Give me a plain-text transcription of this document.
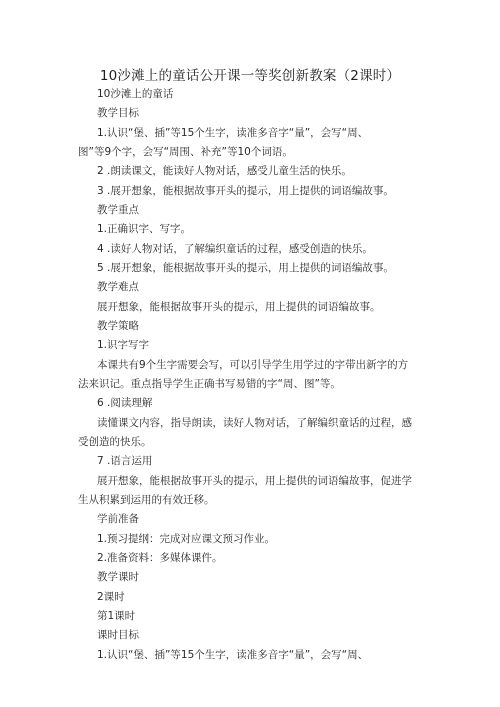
10沙滩上的童话公开课一等奖创新教案（2课时）
10沙滩上的童话
教学目标
1.认识“堡、插”等15个生字，读准多音字“量”，会写“周、
图”等9个字，会写“周围、补充”等10个词语。
2 .朗读课文，能读好人物对话，感受儿童生活的快乐。
3 .展开想象，能根据故事开头的提示，用上提供的词语编故事。
教学重点
1.正确识字、写字。
4 .读好人物对话，了解编织童话的过程，感受创造的快乐。
5 .展开想象，能根据故事开头的提示，用上提供的词语编故事。
教学难点
展开想象，能根据故事开头的提示，用上提供的词语编故事。
教学策略
1.识字写字
本课共有9个生字需要会写，可以引导学生用学过的字带出新字的方
法来识记。重点指导学生正确书写易错的字“周、图”等。
6 .阅读理解
读懂课文内容，指导朗读，读好人物对话，了解编织童话的过程，感
受创造的快乐。
7 .语言运用
展开想象，能根据故事开头的提示，用上提供的词语编故事，促进学
生从积累到运用的有效迁移。
学前准备
1.预习提纲：完成对应课文预习作业。
2.准备资料：多媒体课件。
教学课时
2课时
第1课时
课时目标
1.认识“堡、插”等15个生字，读准多音字“量”，会写“周、
